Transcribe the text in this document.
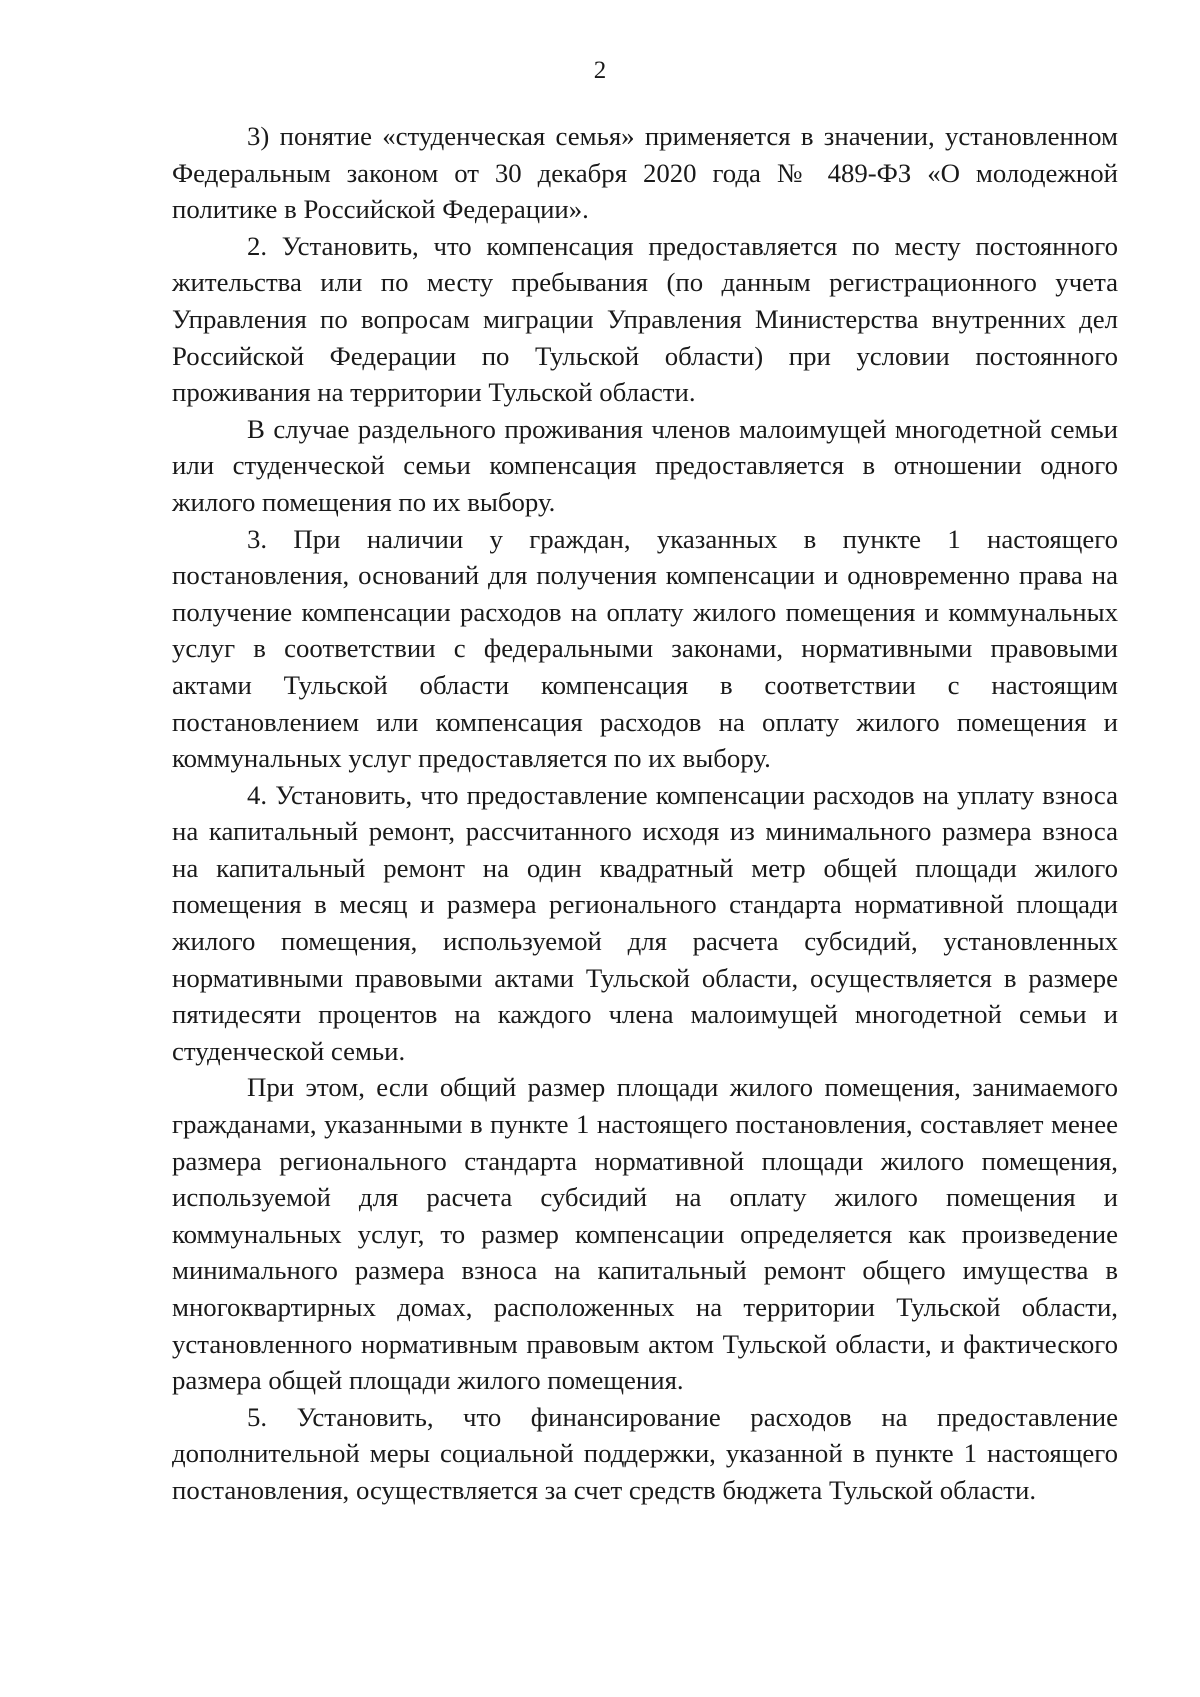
2

3) понятие «студенческая семья» применяется в значении, установленном Федеральным законом от 30 декабря 2020 года № 489-ФЗ «О молодежной политике в Российской Федерации».

2. Установить, что компенсация предоставляется по месту постоянного жительства или по месту пребывания (по данным регистрационного учета Управления по вопросам миграции Управления Министерства внутренних дел Российской Федерации по Тульской области) при условии постоянного проживания на территории Тульской области.

В случае раздельного проживания членов малоимущей многодетной семьи или студенческой семьи компенсация предоставляется в отношении одного жилого помещения по их выбору.

3. При наличии у граждан, указанных в пункте 1 настоящего постановления, оснований для получения компенсации и одновременно права на получение компенсации расходов на оплату жилого помещения и коммунальных услуг в соответствии с федеральными законами, нормативными правовыми актами Тульской области компенсация в соответствии с настоящим постановлением или компенсация расходов на оплату жилого помещения и коммунальных услуг предоставляется по их выбору.

4. Установить, что предоставление компенсации расходов на уплату взноса на капитальный ремонт, рассчитанного исходя из минимального размера взноса на капитальный ремонт на один квадратный метр общей площади жилого помещения в месяц и размера регионального стандарта нормативной площади жилого помещения, используемой для расчета субсидий, установленных нормативными правовыми актами Тульской области, осуществляется в размере пятидесяти процентов на каждого члена малоимущей многодетной семьи и студенческой семьи.

При этом, если общий размер площади жилого помещения, занимаемого гражданами, указанными в пункте 1 настоящего постановления, составляет менее размера регионального стандарта нормативной площади жилого помещения, используемой для расчета субсидий на оплату жилого помещения и коммунальных услуг, то размер компенсации определяется как произведение минимального размера взноса на капитальный ремонт общего имущества в многоквартирных домах, расположенных на территории Тульской области, установленного нормативным правовым актом Тульской области, и фактического размера общей площади жилого помещения.

5. Установить, что финансирование расходов на предоставление дополнительной меры социальной поддержки, указанной в пункте 1 настоящего постановления, осуществляется за счет средств бюджета Тульской области.
